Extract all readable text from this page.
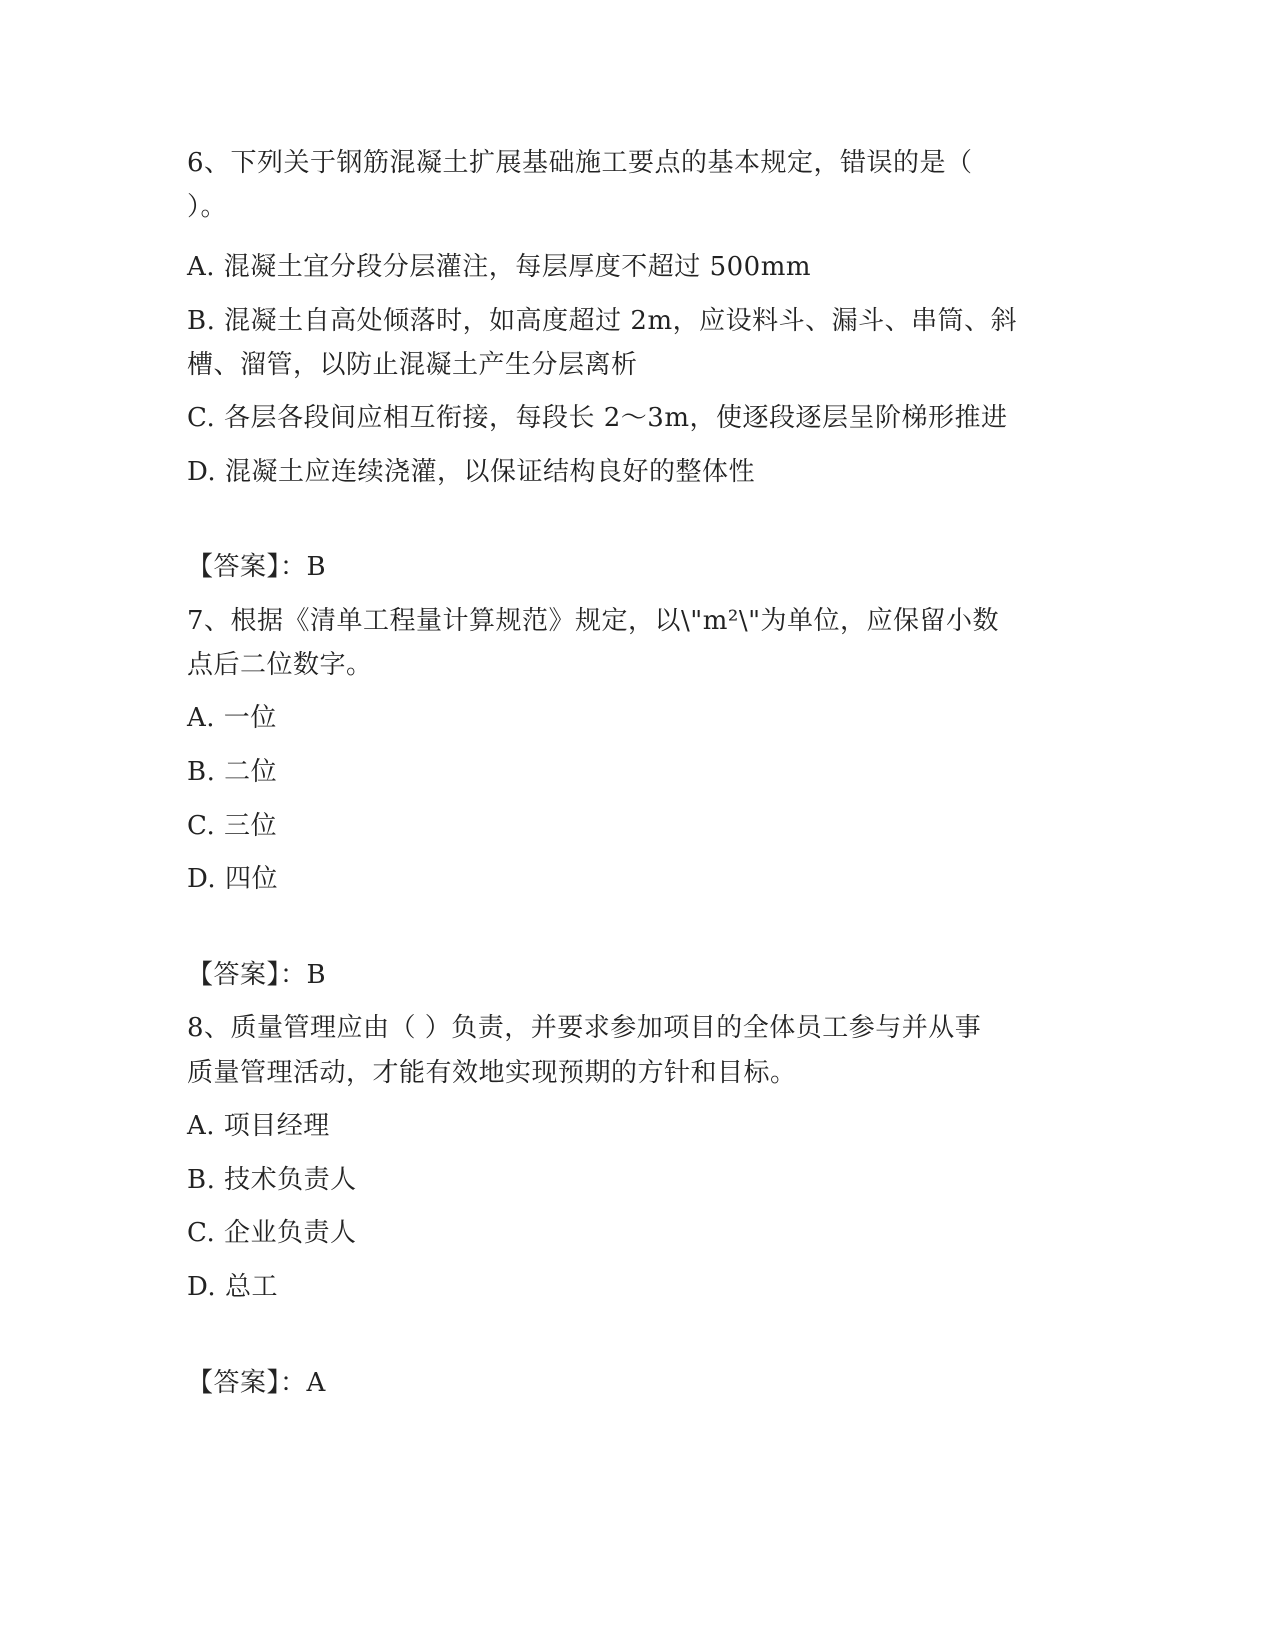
6、下列关于钢筋混凝土扩展基础施工要点的基本规定，错误的是（
）。
A. 混凝土宜分段分层灌注，每层厚度不超过 500mm
B. 混凝土自高处倾落时，如高度超过 2m，应设料斗、漏斗、串筒、斜
槽、溜管，以防止混凝土产生分层离析
C. 各层各段间应相互衔接，每段长 2～3m，使逐段逐层呈阶梯形推进
D. 混凝土应连续浇灌，以保证结构良好的整体性
【答案】：B
7、根据《清单工程量计算规范》规定，以\"m²\"为单位，应保留小数
点后二位数字。
A. 一位
B. 二位
C. 三位
D. 四位
【答案】：B
8、质量管理应由（ ）负责，并要求参加项目的全体员工参与并从事
质量管理活动，才能有效地实现预期的方针和目标。
A. 项目经理
B. 技术负责人
C. 企业负责人
D. 总工
【答案】：A
